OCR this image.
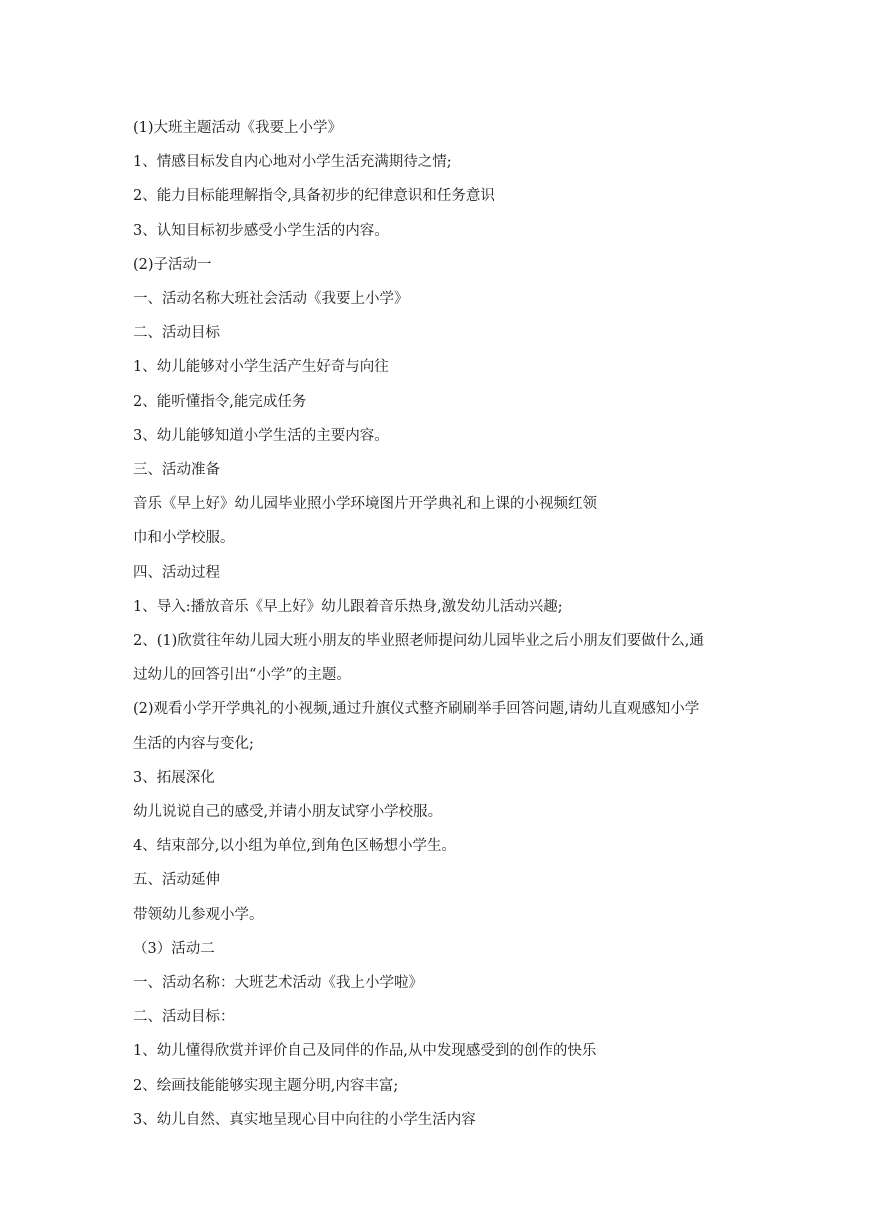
(1)大班主题活动《我要上小学》

1、情感目标发自内心地对小学生活充满期待之情;

2、能力目标能理解指令,具备初步的纪律意识和任务意识

3、认知目标初步感受小学生活的内容。

(2)子活动一

一、活动名称大班社会活动《我要上小学》

二、活动目标

1、幼儿能够对小学生活产生好奇与向往

2、能听懂指令,能完成任务

3、幼儿能够知道小学生活的主要内容。

三、活动准备

音乐《早上好》幼儿园毕业照小学环境图片开学典礼和上课的小视频红领

巾和小学校服。

四、活动过程

1、导入:播放音乐《早上好》幼儿跟着音乐热身,激发幼儿活动兴趣;

2、(1)欣赏往年幼儿园大班小朋友的毕业照老师提问幼儿园毕业之后小朋友们要做什么,通

过幼儿的回答引出“小学”的主题。

(2)观看小学开学典礼的小视频,通过升旗仪式整齐刷刷举手回答问题,请幼儿直观感知小学

生活的内容与变化;

3、拓展深化

幼儿说说自己的感受,并请小朋友试穿小学校服。

4、结束部分,以小组为单位,到角色区畅想小学生。

五、活动延伸

带领幼儿参观小学。

（3）活动二

一、活动名称：大班艺术活动《我上小学啦》

二、活动目标：

1、幼儿懂得欣赏并评价自己及同伴的作品,从中发现感受到的创作的快乐

2、绘画技能能够实现主题分明,内容丰富;

3、幼儿自然、真实地呈现心目中向往的小学生活内容
